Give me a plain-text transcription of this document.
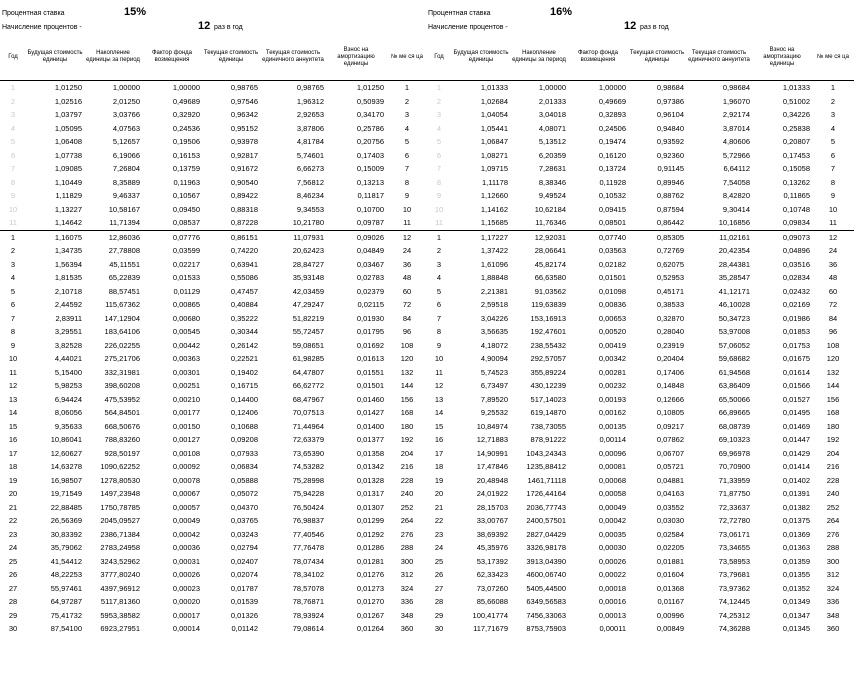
Процентная ставка	15%
Начисление процентов -	12 раз в год
Год	Будущая стоимость единицы	Накопление единицы за период	Фактор фонда возмещения	Текущая стоимость единицы	Текущая стоимость единичного аннуитета	Взнос на амортизацию единицы	№ ме ся ца
1	1,01250	1,00000	1,00000	0,98765	0,98765	1,01250	1
2	1,02516	2,01250	0,49689	0,97546	1,96312	0,50939	2
3	1,03797	3,03766	0,32920	0,96342	2,92653	0,34170	3
4	1,05095	4,07563	0,24536	0,95152	3,87806	0,25786	4
5	1,06408	5,12657	0,19506	0,93978	4,81784	0,20756	5
6	1,07738	6,19066	0,16153	0,92817	5,74601	0,17403	6
7	1,09085	7,26804	0,13759	0,91672	6,66273	0,15009	7
8	1,10449	8,35889	0,11963	0,90540	7,56812	0,13213	8
9	1,11829	9,46337	0,10567	0,89422	8,46234	0,11817	9
10	1,13227	10,58167	0,09450	0,88318	9,34553	0,10700	10
11	1,14642	11,71394	0,08537	0,87228	10,21780	0,09787	11
1	1,16075	12,86036	0,07776	0,86151	11,07931	0,09026	12
2	1,34735	27,78808	0,03599	0,74220	20,62423	0,04849	24
3	1,56394	45,11551	0,02217	0,63941	28,84727	0,03467	36
4	1,81535	65,22839	0,01533	0,55086	35,93148	0,02783	48
5	2,10718	88,57451	0,01129	0,47457	42,03459	0,02379	60
6	2,44592	115,67362	0,00865	0,40884	47,29247	0,02115	72
7	2,83911	147,12904	0,00680	0,35222	51,82219	0,01930	84
8	3,29551	183,64106	0,00545	0,30344	55,72457	0,01795	96
9	3,82528	226,02255	0,00442	0,26142	59,08651	0,01692	108
10	4,44021	275,21706	0,00363	0,22521	61,98285	0,01613	120
11	5,15400	332,31981	0,00301	0,19402	64,47807	0,01551	132
12	5,98253	398,60208	0,00251	0,16715	66,62772	0,01501	144
13	6,94424	475,53952	0,00210	0,14400	68,47967	0,01460	156
14	8,06056	564,84501	0,00177	0,12406	70,07513	0,01427	168
15	9,35633	668,50676	0,00150	0,10688	71,44964	0,01400	180
16	10,86041	788,83260	0,00127	0,09208	72,63379	0,01377	192
17	12,60627	928,50197	0,00108	0,07933	73,65390	0,01358	204
18	14,63278	1090,62252	0,00092	0,06834	74,53282	0,01342	216
19	16,98507	1278,80530	0,00078	0,05888	75,28998	0,01328	228
20	19,71549	1497,23948	0,00067	0,05072	75,94228	0,01317	240
21	22,88485	1750,78785	0,00057	0,04370	76,50424	0,01307	252
22	26,56369	2045,09527	0,00049	0,03765	76,98837	0,01299	264
23	30,83392	2386,71384	0,00042	0,03243	77,40546	0,01292	276
24	35,79062	2783,24958	0,00036	0,02794	77,76478	0,01286	288
25	41,54412	3243,52962	0,00031	0,02407	78,07434	0,01281	300
26	48,22253	3777,80240	0,00026	0,02074	78,34102	0,01276	312
27	55,97461	4397,96912	0,00023	0,01787	78,57078	0,01273	324
28	64,97287	5117,81360	0,00020	0,01539	78,76871	0,01270	336
29	75,41732	5953,38582	0,00017	0,01326	78,93924	0,01267	348
30	87,54100	6923,27951	0,00014	0,01142	79,08614	0,01264	360
Процентная ставка	16%
Начисление процентов -	12 раз в год
Год	Будущая стоимость единицы	Накопление единицы за период	Фактор фонда возмещения	Текущая стоимость единицы	Текущая стоимость единичного аннуитета	Взнос на амортизацию единицы	№ ме ся ца
1	1,01333	1,00000	1,00000	0,98684	0,98684	1,01333	1
2	1,02684	2,01333	0,49669	0,97386	1,96070	0,51002	2
3	1,04054	3,04018	0,32893	0,96104	2,92174	0,34226	3
4	1,05441	4,08071	0,24506	0,94840	3,87014	0,25838	4
5	1,06847	5,13512	0,19474	0,93592	4,80606	0,20807	5
6	1,08271	6,20359	0,16120	0,92360	5,72966	0,17453	6
7	1,09715	7,28631	0,13724	0,91145	6,64112	0,15058	7
8	1,11178	8,38346	0,11928	0,89946	7,54058	0,13262	8
9	1,12660	9,49524	0,10532	0,88762	8,42820	0,11865	9
10	1,14162	10,62184	0,09415	0,87594	9,30414	0,10748	10
11	1,15685	11,76346	0,08501	0,86442	10,16856	0,09834	11
1	1,17227	12,92031	0,07740	0,85305	11,02161	0,09073	12
2	1,37422	28,06641	0,03563	0,72769	20,42354	0,04896	24
3	1,61096	45,82174	0,02182	0,62075	28,44381	0,03516	36
4	1,88848	66,63580	0,01501	0,52953	35,28547	0,02834	48
5	2,21381	91,03562	0,01098	0,45171	41,12171	0,02432	60
6	2,59518	119,63839	0,00836	0,38533	46,10028	0,02169	72
7	3,04226	153,16913	0,00653	0,32870	50,34723	0,01986	84
8	3,56635	192,47601	0,00520	0,28040	53,97008	0,01853	96
9	4,18072	238,55432	0,00419	0,23919	57,06052	0,01753	108
10	4,90094	292,57057	0,00342	0,20404	59,68682	0,01675	120
11	5,74523	355,89224	0,00281	0,17406	61,94568	0,01614	132
12	6,73497	430,12239	0,00232	0,14848	63,86409	0,01566	144
13	7,89520	517,14023	0,00193	0,12666	65,50066	0,01527	156
14	9,25532	619,14870	0,00162	0,10805	66,89665	0,01495	168
15	10,84974	738,73055	0,00135	0,09217	68,08739	0,01469	180
16	12,71883	878,91222	0,00114	0,07862	69,10323	0,01447	192
17	14,90991	1043,24343	0,00096	0,06707	69,96978	0,01429	204
18	17,47846	1235,88412	0,00081	0,05721	70,70900	0,01414	216
19	20,48948	1461,71118	0,00068	0,04881	71,33959	0,01402	228
20	24,01922	1726,44164	0,00058	0,04163	71,87750	0,01391	240
21	28,15703	2036,77743	0,00049	0,03552	72,33637	0,01382	252
22	33,00767	2400,57501	0,00042	0,03030	72,72780	0,01375	264
23	38,69392	2827,04429	0,00035	0,02584	73,06171	0,01369	276
24	45,35976	3326,98178	0,00030	0,02205	73,34655	0,01363	288
25	53,17392	3913,04390	0,00026	0,01881	73,58953	0,01359	300
26	62,33423	4600,06740	0,00022	0,01604	73,79681	0,01355	312
27	73,07260	5405,44500	0,00018	0,01368	73,97362	0,01352	324
28	85,66088	6349,56583	0,00016	0,01167	74,12445	0,01349	336
29	100,41774	7456,33063	0,00013	0,00996	74,25312	0,01347	348
30	117,71679	8753,75903	0,00011	0,00849	74,36288	0,01345	360
